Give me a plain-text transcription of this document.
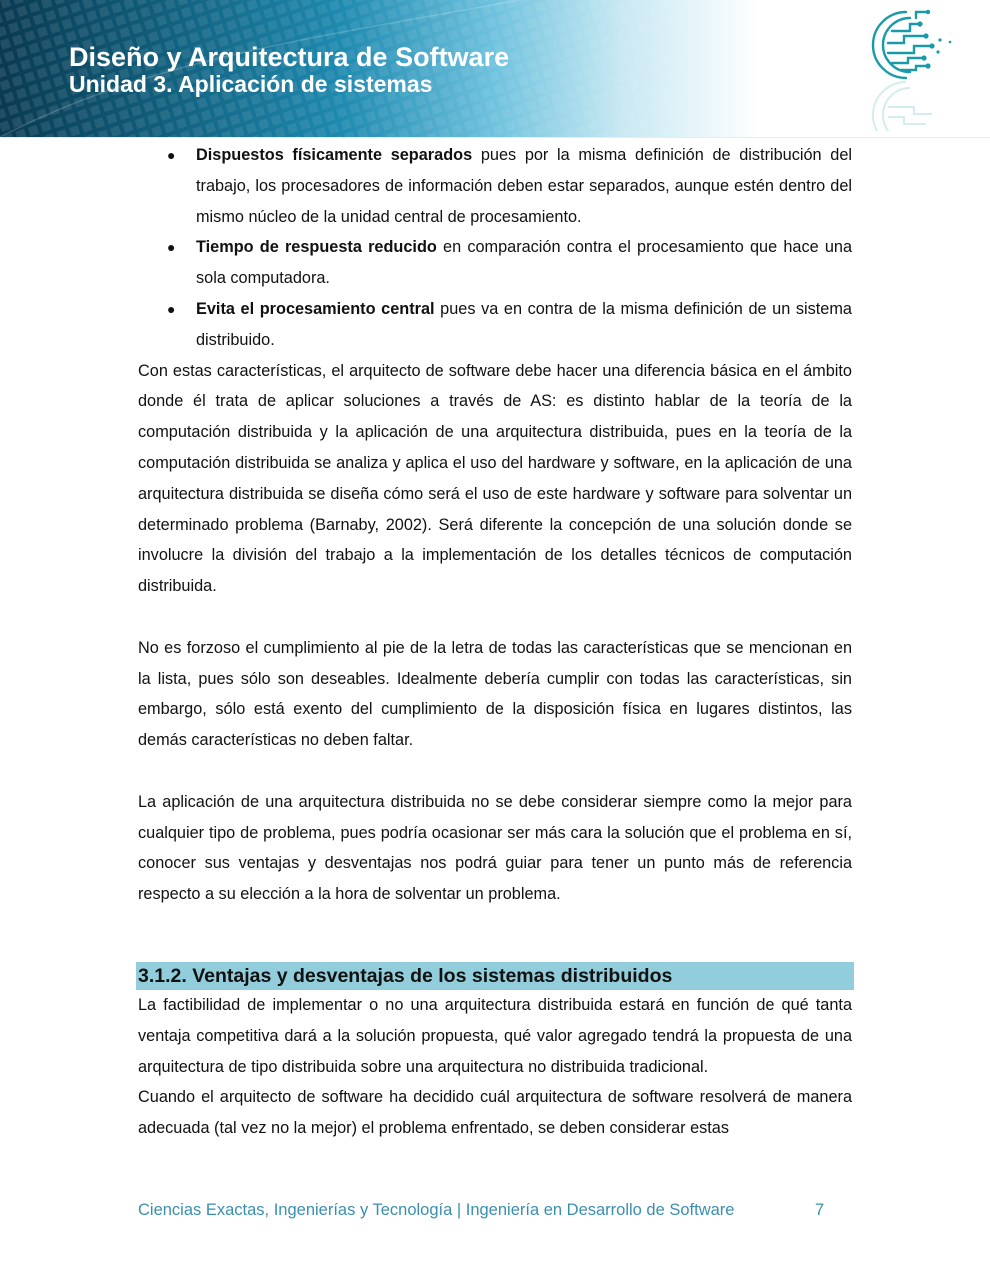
Diseño y Arquitectura de Software
Unidad 3. Aplicación de sistemas
● Dispuestos físicamente separados pues por la misma definición de distribución del trabajo, los procesadores de información deben estar separados, aunque estén dentro del mismo núcleo de la unidad central de procesamiento.
● Tiempo de respuesta reducido en comparación contra el procesamiento que hace una sola computadora.
● Evita el procesamiento central pues va en contra de la misma definición de un sistema distribuido.

Con estas características, el arquitecto de software debe hacer una diferencia básica en el ámbito donde él trata de aplicar soluciones a través de AS: es distinto hablar de la teoría de la computación distribuida y la aplicación de una arquitectura distribuida, pues en la teoría de la computación distribuida se analiza y aplica el uso del hardware y software, en la aplicación de una arquitectura distribuida se diseña cómo será el uso de este hardware y software para solventar un determinado problema (Barnaby, 2002). Será diferente la concepción de una solución donde se involucre la división del trabajo a la implementación de los detalles técnicos de computación distribuida.

No es forzoso el cumplimiento al pie de la letra de todas las características que se mencionan en la lista, pues sólo son deseables. Idealmente debería cumplir con todas las características, sin embargo, sólo está exento del cumplimiento de la disposición física en lugares distintos, las demás características no deben faltar.

La aplicación de una arquitectura distribuida no se debe considerar siempre como la mejor para cualquier tipo de problema, pues podría ocasionar ser más cara la solución que el problema en sí, conocer sus ventajas y desventajas nos podrá guiar para tener un punto más de referencia respecto a su elección a la hora de solventar un problema.

3.1.2. Ventajas y desventajas de los sistemas distribuidos

La factibilidad de implementar o no una arquitectura distribuida estará en función de qué tanta ventaja competitiva dará a la solución propuesta, qué valor agregado tendrá la propuesta de una arquitectura de tipo distribuida sobre una arquitectura no distribuida tradicional.

Cuando el arquitecto de software ha decidido cuál arquitectura de software resolverá de manera adecuada (tal vez no la mejor) el problema enfrentado, se deben considerar estas

Ciencias Exactas, Ingenierías y Tecnología | Ingeniería en Desarrollo de Software	7
